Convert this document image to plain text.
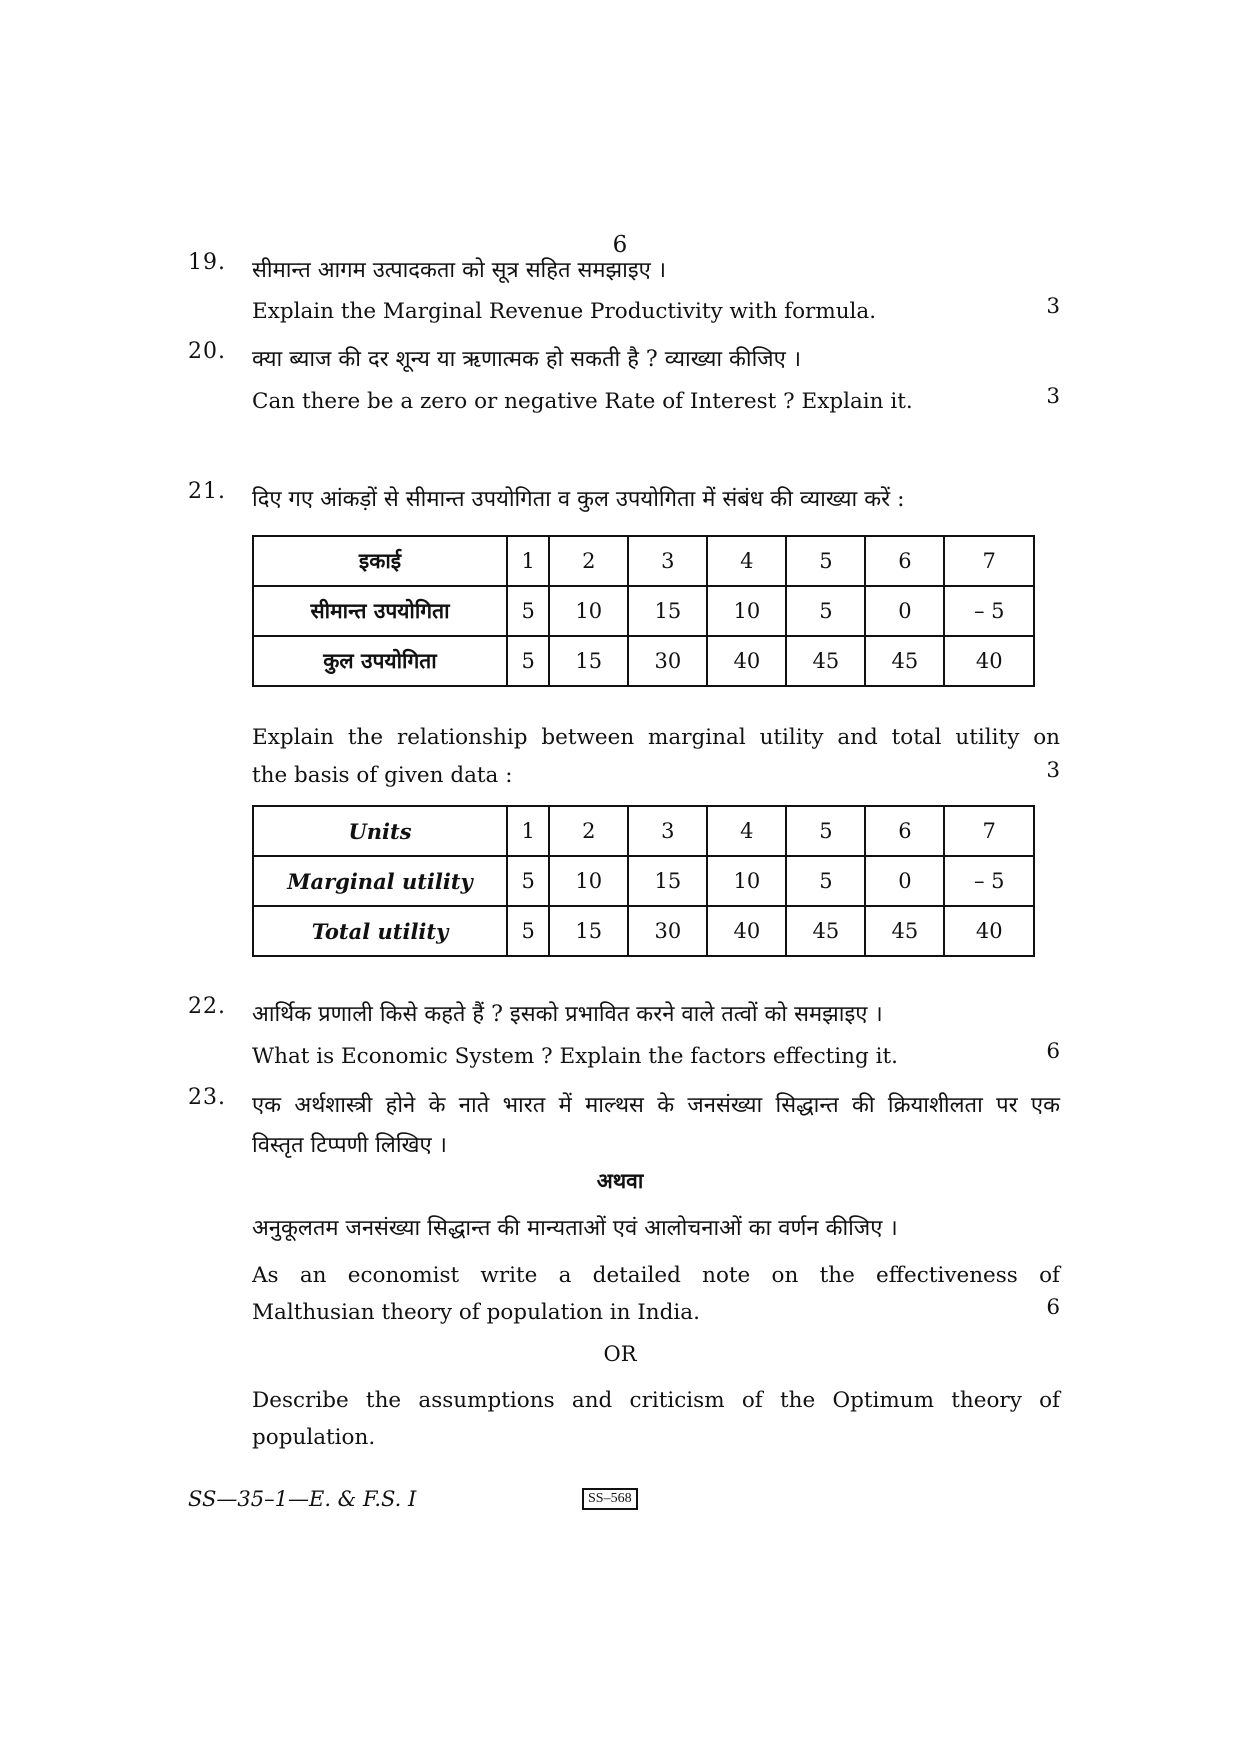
6
19. सीमान्त आगम उत्पादकता को सूत्र सहित समझाइए ।
Explain the Marginal Revenue Productivity with formula.	3
20. क्या ब्याज की दर शून्य या ऋणात्मक हो सकती है ? व्याख्या कीजिए ।
Can there be a zero or negative Rate of Interest ? Explain it.	3
21. दिए गए आंकड़ों से सीमान्त उपयोगिता व कुल उपयोगिता में संबंध की व्याख्या करें :
इकाई	1	2	3	4	5	6	7
सीमान्त उपयोगिता	5	10	15	10	5	0	– 5
कुल उपयोगिता	5	15	30	40	45	45	40
Explain the relationship between marginal utility and total utility on
the basis of given data :	3
Units	1	2	3	4	5	6	7
Marginal utility	5	10	15	10	5	0	– 5
Total utility	5	15	30	40	45	45	40
22. आर्थिक प्रणाली किसे कहते हैं ? इसको प्रभावित करने वाले तत्वों को समझाइए ।
What is Economic System ? Explain the factors effecting it.	6
23. एक अर्थशास्त्री होने के नाते भारत में माल्थस के जनसंख्या सिद्धान्त की क्रियाशीलता पर एक
विस्तृत टिप्पणी लिखिए ।
अथवा
अनुकूलतम जनसंख्या सिद्धान्त की मान्यताओं एवं आलोचनाओं का वर्णन कीजिए ।
As an economist write a detailed note on the effectiveness of
Malthusian theory of population in India.	6
OR
Describe the assumptions and criticism of the Optimum theory of
population.
SS—35–1—E. & F.S. I	SS–568
